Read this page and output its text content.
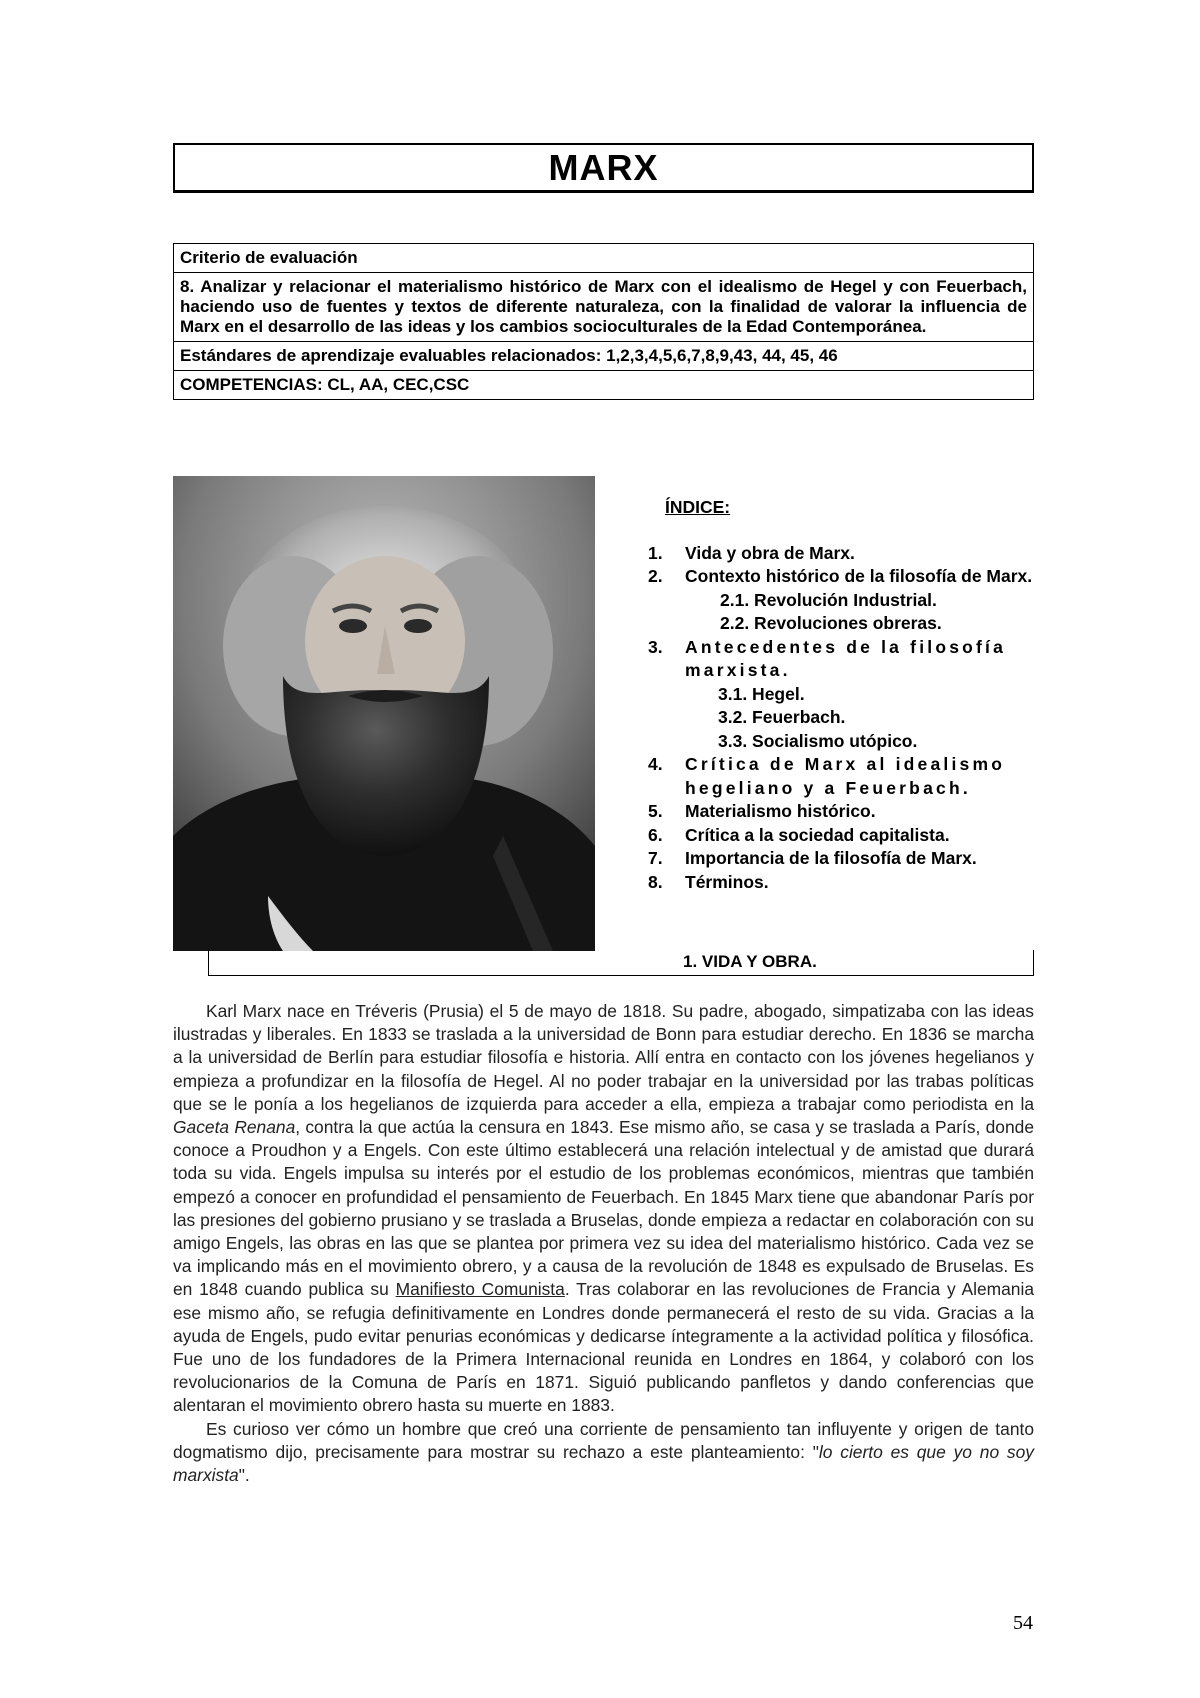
MARX
Criterio de evaluación
8. Analizar y relacionar el materialismo histórico de Marx con el idealismo de Hegel y con Feuerbach, haciendo uso de fuentes y textos de diferente naturaleza, con la finalidad de valorar la influencia de Marx en el desarrollo de las ideas y los cambios socioculturales de la Edad Contemporánea.
Estándares de aprendizaje evaluables relacionados: 1,2,3,4,5,6,7,8,9,43, 44, 45, 46
COMPETENCIAS: CL, AA, CEC,CSC
ÍNDICE:
1.	Vida y obra de Marx.
2.	Contexto histórico de la filosofía de Marx.
2.1. Revolución Industrial.
2.2. Revoluciones obreras.
3.	Antecedentes de la filosofía marxista.
3.1. Hegel.
3.2. Feuerbach.
3.3. Socialismo utópico.
4.	Crítica de Marx al idealismo hegeliano y a Feuerbach.
5.	Materialismo histórico.
6.	Crítica a la sociedad capitalista.
7.	Importancia de la filosofía de Marx.
8.	Términos.
1. VIDA Y OBRA.

Karl Marx nace en Tréveris (Prusia) el 5 de mayo de 1818. Su padre, abogado, simpatizaba con las ideas ilustradas y liberales. En 1833 se traslada a la universidad de Bonn para estudiar derecho. En 1836 se marcha a la universidad de Berlín para estudiar filosofía e historia. Allí entra en contacto con los jóvenes hegelianos y empieza a profundizar en la filosofía de Hegel. Al no poder trabajar en la universidad por las trabas políticas que se le ponía a los hegelianos de izquierda para acceder a ella, empieza a trabajar como periodista en la Gaceta Renana, contra la que actúa la censura en 1843. Ese mismo año, se casa y se traslada a París, donde conoce a Proudhon y a Engels. Con este último establecerá una relación intelectual y de amistad que durará toda su vida. Engels impulsa su interés por el estudio de los problemas económicos, mientras que también empezó a conocer en profundidad el pensamiento de Feuerbach. En 1845 Marx tiene que abandonar París por las presiones del gobierno prusiano y se traslada a Bruselas, donde empieza a redactar en colaboración con su amigo Engels, las obras en las que se plantea por primera vez su idea del materialismo histórico. Cada vez se va implicando más en el movimiento obrero, y a causa de la revolución de 1848 es expulsado de Bruselas. Es en 1848 cuando publica su Manifiesto Comunista. Tras colaborar en las revoluciones de Francia y Alemania ese mismo año, se refugia definitivamente en Londres donde permanecerá el resto de su vida. Gracias a la ayuda de Engels, pudo evitar penurias económicas y dedicarse íntegramente a la actividad política y filosófica. Fue uno de los fundadores de la Primera Internacional reunida en Londres en 1864, y colaboró con los revolucionarios de la Comuna de París en 1871. Siguió publicando panfletos y dando conferencias que alentaran el movimiento obrero hasta su muerte en 1883.

Es curioso ver cómo un hombre que creó una corriente de pensamiento tan influyente y origen de tanto dogmatismo dijo, precisamente para mostrar su rechazo a este planteamiento: "lo cierto es que yo no soy marxista".

54
